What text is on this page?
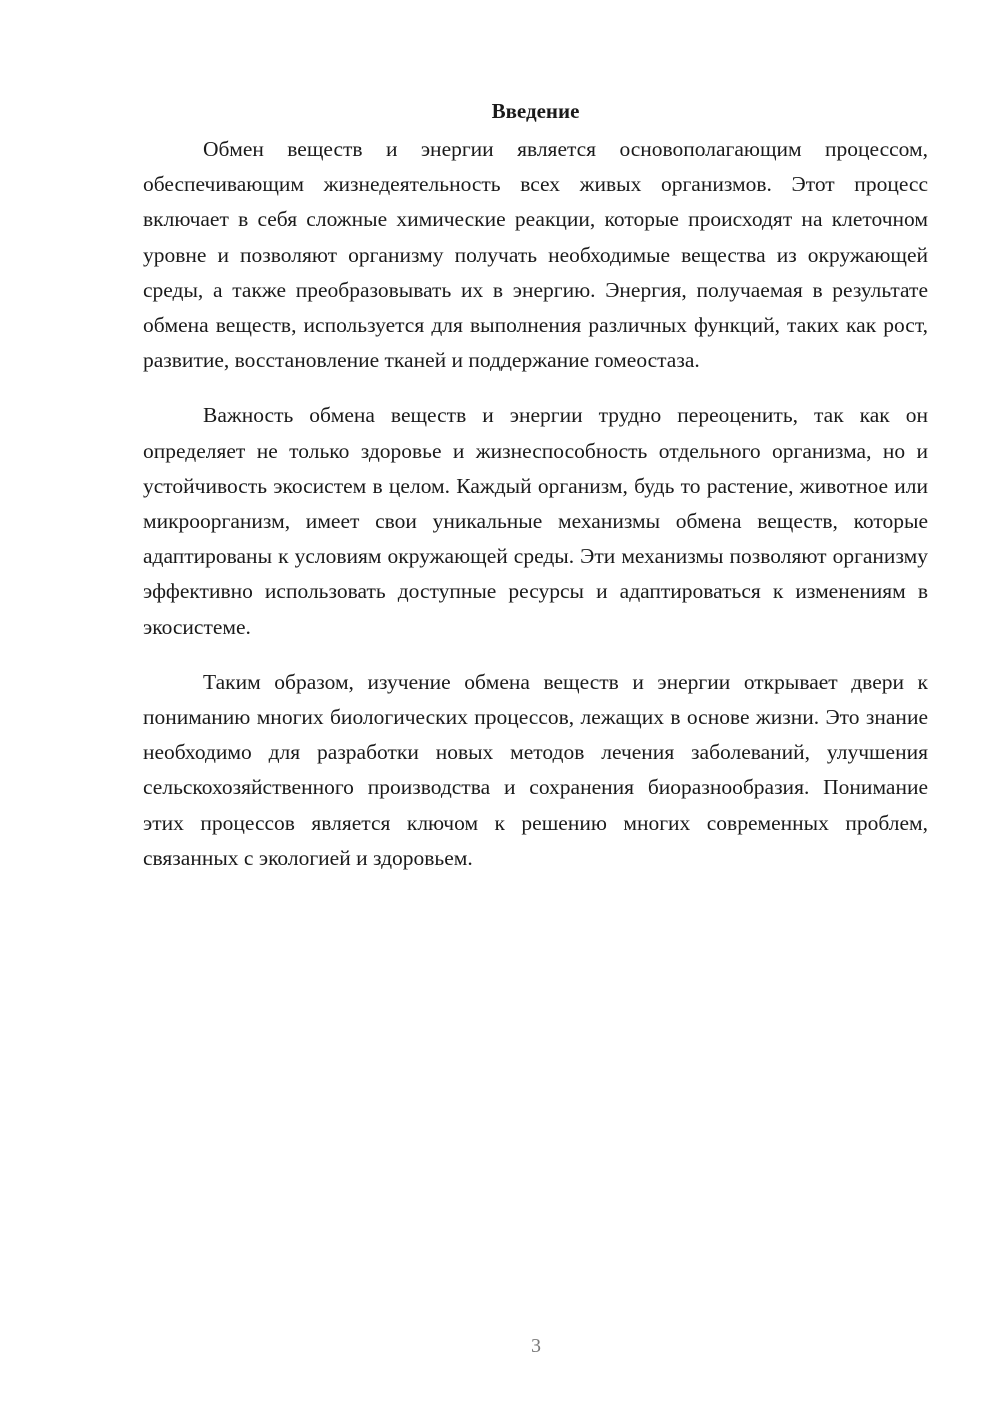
Введение

Обмен веществ и энергии является основополагающим процессом, обеспечивающим жизнедеятельность всех живых организмов. Этот процесс включает в себя сложные химические реакции, которые происходят на клеточном уровне и позволяют организму получать необходимые вещества из окружающей среды, а также преобразовывать их в энергию. Энергия, получаемая в результате обмена веществ, используется для выполнения различных функций, таких как рост, развитие, восстановление тканей и поддержание гомеостаза.

Важность обмена веществ и энергии трудно переоценить, так как он определяет не только здоровье и жизнеспособность отдельного организма, но и устойчивость экосистем в целом. Каждый организм, будь то растение, животное или микроорганизм, имеет свои уникальные механизмы обмена веществ, которые адаптированы к условиям окружающей среды. Эти механизмы позволяют организму эффективно использовать доступные ресурсы и адаптироваться к изменениям в экосистеме.

Таким образом, изучение обмена веществ и энергии открывает двери к пониманию многих биологических процессов, лежащих в основе жизни. Это знание необходимо для разработки новых методов лечения заболеваний, улучшения сельскохозяйственного производства и сохранения биоразнообразия. Понимание этих процессов является ключом к решению многих современных проблем, связанных с экологией и здоровьем.

3
